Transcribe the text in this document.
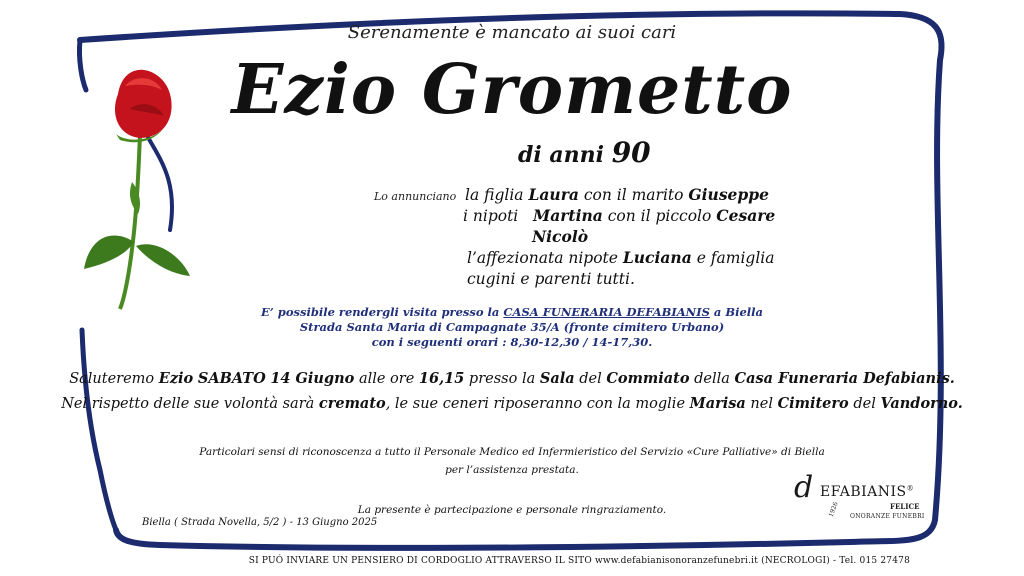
Serenamente è mancato ai suoi cari
Ezio Grometto
di anni 90
Lo annunciano la figlia Laura con il marito Giuseppe
i nipoti Martina con il piccolo Cesare
Nicolò
l’affezionata nipote Luciana e famiglia
cugini e parenti tutti.
E’ possibile rendergli visita presso la CASA FUNERARIA DEFABIANIS a Biella
Strada Santa Maria di Campagnate 35/A (fronte cimitero Urbano)
con i seguenti orari : 8,30-12,30 / 14-17,30.
Saluteremo Ezio SABATO 14 Giugno alle ore 16,15 presso la Sala del Commiato della Casa Funeraria Defabianis.
Nel rispetto delle sue volontà sarà cremato, le sue ceneri riposeranno con la moglie Marisa nel Cimitero del Vandorno.
Particolari sensi di riconoscenza a tutto il Personale Medico ed Infermieristico del Servizio «Cure Palliative» di Biella
per l’assistenza prestata.
La presente è partecipazione e personale ringraziamento.
Biella ( Strada Novella, 5/2 ) - 13 Giugno 2025
d EFABIANIS®
FELICE
ONORANZE FUNEBRI
1926
SI PUÓ INVIARE UN PENSIERO DI CORDOGLIO ATTRAVERSO IL SITO www.defabianisonoranzefunebri.it (NECROLOGI) - Tel. 015 27478
